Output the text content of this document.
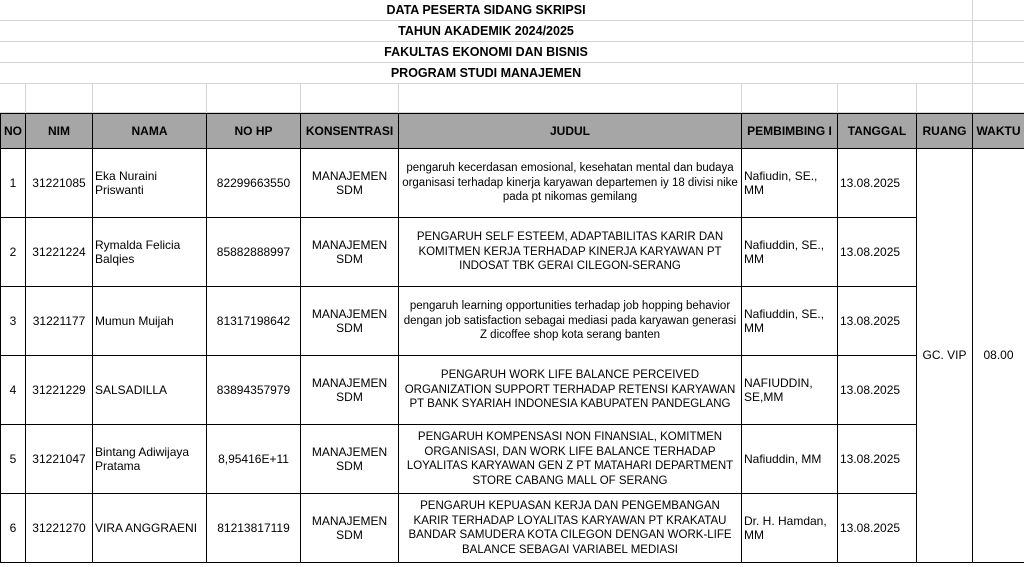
DATA PESERTA SIDANG SKRIPSI
TAHUN AKADEMIK 2024/2025
FAKULTAS EKONOMI DAN BISNIS
PROGRAM STUDI MANAJEMEN
NO	NIM	NAMA	NO HP	KONSENTRASI	JUDUL	PEMBIMBING I	TANGGAL	RUANG	WAKTU
1	31221085	Eka Nuraini Priswanti	82299663550	MANAJEMEN SDM	pengaruh kecerdasan emosional, kesehatan mental dan budaya organisasi terhadap kinerja karyawan departemen iy 18 divisi nike pada pt nikomas gemilang	Nafiudin, SE., MM	13.08.2025	GC. VIP	08.00
2	31221224	Rymalda Felicia Balqies	85882888997	MANAJEMEN SDM	PENGARUH SELF ESTEEM, ADAPTABILITAS KARIR DAN KOMITMEN KERJA TERHADAP KINERJA KARYAWAN PT INDOSAT TBK GERAI CILEGON-SERANG	Nafiuddin, SE., MM	13.08.2025		
3	31221177	Mumun Muijah	81317198642	MANAJEMEN SDM	pengaruh learning opportunities terhadap job hopping behavior dengan job satisfaction sebagai mediasi pada karyawan generasi Z dicoffee shop kota serang banten	Nafiuddin, SE., MM	13.08.2025		
4	31221229	SALSADILLA	83894357979	MANAJEMEN SDM	PENGARUH WORK LIFE BALANCE PERCEIVED ORGANIZATION SUPPORT TERHADAP RETENSI KARYAWAN PT BANK SYARIAH INDONESIA KABUPATEN PANDEGLANG	NAFIUDDIN, SE,MM	13.08.2025		
5	31221047	Bintang Adiwijaya Pratama	8,95416E+11	MANAJEMEN SDM	PENGARUH KOMPENSASI NON FINANSIAL, KOMITMEN ORGANISASI, DAN WORK LIFE BALANCE TERHADAP LOYALITAS KARYAWAN GEN Z PT MATAHARI DEPARTMENT STORE CABANG MALL OF SERANG	Nafiuddin, MM	13.08.2025		
6	31221270	VIRA ANGGRAENI	81213817119	MANAJEMEN SDM	PENGARUH KEPUASAN KERJA DAN PENGEMBANGAN KARIR TERHADAP LOYALITAS KARYAWAN PT KRAKATAU BANDAR SAMUDERA KOTA CILEGON DENGAN WORK-LIFE BALANCE SEBAGAI VARIABEL MEDIASI	Dr. H. Hamdan, MM	13.08.2025		
